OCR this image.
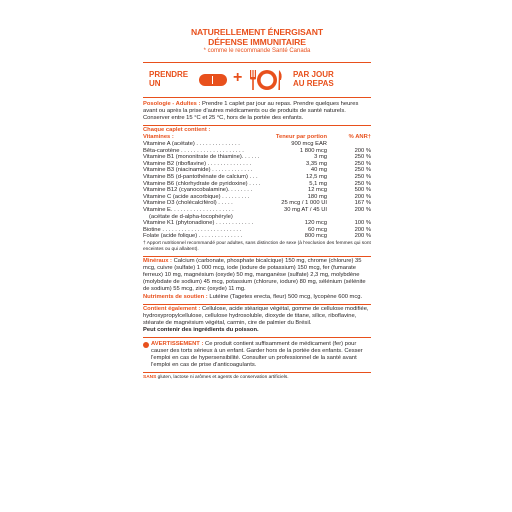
NATURELLEMENT ÉNERGISANT
DÉFENSE IMMUNITAIRE
* comme le recommande Santé Canada
PRENDRE
UN	+	PAR JOUR
AU REPAS
Posologie - Adultes : Prendre 1 caplet par jour au repas. Prendre quelques heures avant ou après la prise d'autres médicaments ou de produits de santé naturels. Conserver entre 15 °C et 25 °C, hors de la portée des enfants.
Chaque caplet contient :
Vitamines :	Teneur par portion	% ANR†
Vitamine A (acétate) . . . . . . . . . . . . . .	900 mcg EAR
Bêta-carotène . . . . . . . . . . . . . . . . . . . .	1 800 mcg	200 %
Vitamine B1 (mononitrate de thiamine). . . . . .	3 mg	250 %
Vitamine B2 (riboflavine) . . . . . . . . . . . . . .	3,35 mg	250 %
Vitamine B3 (niacinamide) . . . . . . . . . . . . .	40 mg	250 %
Vitamine B5 (d-pantothénate de calcium) . . .	12,5 mg	250 %
Vitamine B6 (chlorhydrate de pyridoxine) . . . .	5,1 mg	250 %
Vitamine B12 (cyanocobalamine). . . . . . . .	12 mcg	500 %
Vitamine C (acide ascorbique) . . . . . . . . .	180 mg	200 %
Vitamine D3 (cholécalciférol) . . . . .	25 mcg / 1 000 UI	167 %
Vitamine E. . . . . . . . . . . . . . . . . . . .	30 mg AT / 45 UI	200 %
(acétate de d-alpha-tocophéryle)
Vitamine K1 (phytonadione) . . . . . . . . . . . .	120 mcg	100 %
Biotine . . . . . . . . . . . . . . . . . . . . . . . . .	60 mcg	200 %
Folate (acide folique) . . . . . . . . . . . . . .	800 mcg	200 %
† Apport nutritionnel recommandé pour adultes, sans distinction de sexe (à l'exclusion des femmes qui sont enceintes ou qui allaitent).
Minéraux : Calcium (carbonate, phosphate bicalcique) 150 mg, chrome (chlorure) 35 mcg, cuivre (sulfate) 1 000 mcg, iode (iodure de potassium) 150 mcg, fer (fumarate ferreux) 10 mg, magnésium (oxyde) 50 mg, manganèse (sulfate) 2,3 mg, molybdène (molybdate de sodium) 45 mcg, potassium (chlorure, iodure) 80 mg, sélénium (sélénite de sodium) 55 mcg, zinc (oxyde) 11 mg.
Nutriments de soutien : Lutéine (Tagetes erecta, fleur) 500 mcg, lycopène 600 mcg.
Contient également : Cellulose, acide stéarique végétal, gomme de cellulose modifiée, hydroxypropylcellulose, cellulose hydrosoluble, dioxyde de titane, silice, riboflavine, stéarate de magnésium végétal, carmin, cire de palmier du Brésil.
Peut contenir des ingrédients du poisson.
AVERTISSEMENT : Ce produit contient suffisamment de médicament (fer) pour causer des torts sérieux à un enfant. Garder hors de la portée des enfants. Cesser l'emploi en cas de hypersensibilité. Consulter un professionnel de la santé avant l'emploi en cas de prise d'anticoagulants.
SANS gluten, lactose ni arômes et agents de conservation artificiels.
